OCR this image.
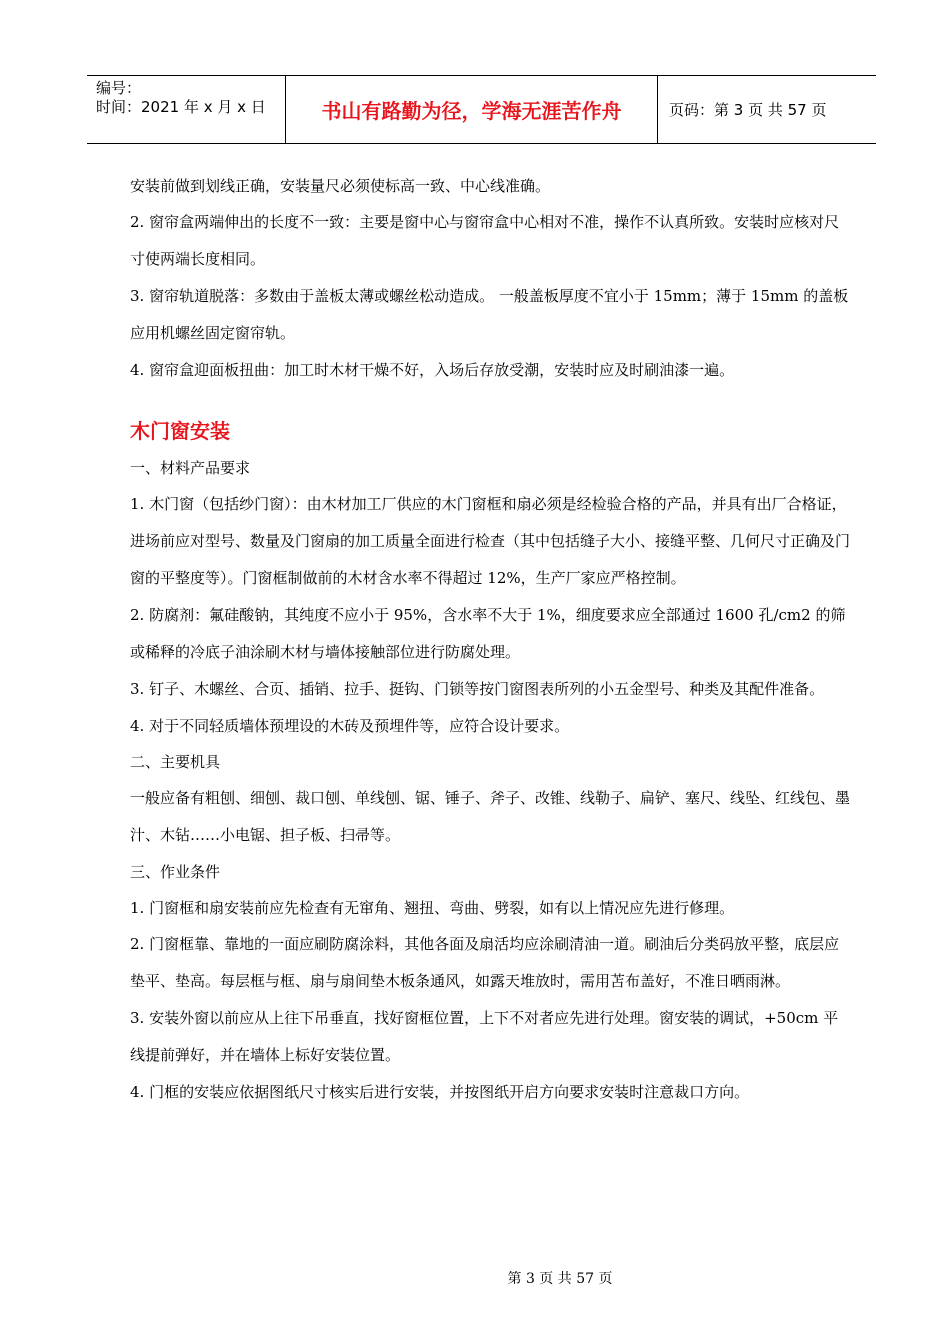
编号：
时间：2021 年 x 月 x 日	书山有路勤为径，学海无涯苦作舟	页码：第 3 页 共 57 页

安装前做到划线正确，安装量尺必须使标高一致、中心线准确。

2. 窗帘盒两端伸出的长度不一致：主要是窗中心与窗帘盒中心相对不准，操作不认真所致。安装时应核对尺寸使两端长度相同。

3. 窗帘轨道脱落：多数由于盖板太薄或螺丝松动造成。 一般盖板厚度不宜小于 15mm；薄于 15mm 的盖板应用机螺丝固定窗帘轨。

4. 窗帘盒迎面板扭曲：加工时木材干燥不好，入场后存放受潮，安装时应及时刷油漆一遍。

木门窗安装

一、材料产品要求

1. 木门窗（包括纱门窗）：由木材加工厂供应的木门窗框和扇必须是经检验合格的产品，并具有出厂合格证，进场前应对型号、数量及门窗扇的加工质量全面进行检查（其中包括缝子大小、接缝平整、几何尺寸正确及门窗的平整度等）。门窗框制做前的木材含水率不得超过 12%，生产厂家应严格控制。

2. 防腐剂：氟硅酸钠，其纯度不应小于 95%，含水率不大于 1%，细度要求应全部通过 1600 孔/cm2 的筛或稀释的冷底子油涂刷木材与墙体接触部位进行防腐处理。

3. 钉子、木螺丝、合页、插销、拉手、挺钩、门锁等按门窗图表所列的小五金型号、种类及其配件准备。

4. 对于不同轻质墙体预埋设的木砖及预埋件等，应符合设计要求。

二、主要机具

一般应备有粗刨、细刨、裁口刨、单线刨、锯、锤子、斧子、改锥、线勒子、扁铲、塞尺、线坠、红线包、墨汁、木钻……小电锯、担子板、扫帚等。

三、作业条件

1. 门窗框和扇安装前应先检查有无窜角、翘扭、弯曲、劈裂，如有以上情况应先进行修理。

2. 门窗框靠、靠地的一面应刷防腐涂料，其他各面及扇活均应涂刷清油一道。刷油后分类码放平整，底层应垫平、垫高。每层框与框、扇与扇间垫木板条通风，如露天堆放时，需用苫布盖好，不准日晒雨淋。

3. 安装外窗以前应从上往下吊垂直，找好窗框位置，上下不对者应先进行处理。窗安装的调试，+50cm 平线提前弹好，并在墙体上标好安装位置。

4. 门框的安装应依据图纸尺寸核实后进行安装，并按图纸开启方向要求安装时注意裁口方向。

第 3 页 共 57 页
